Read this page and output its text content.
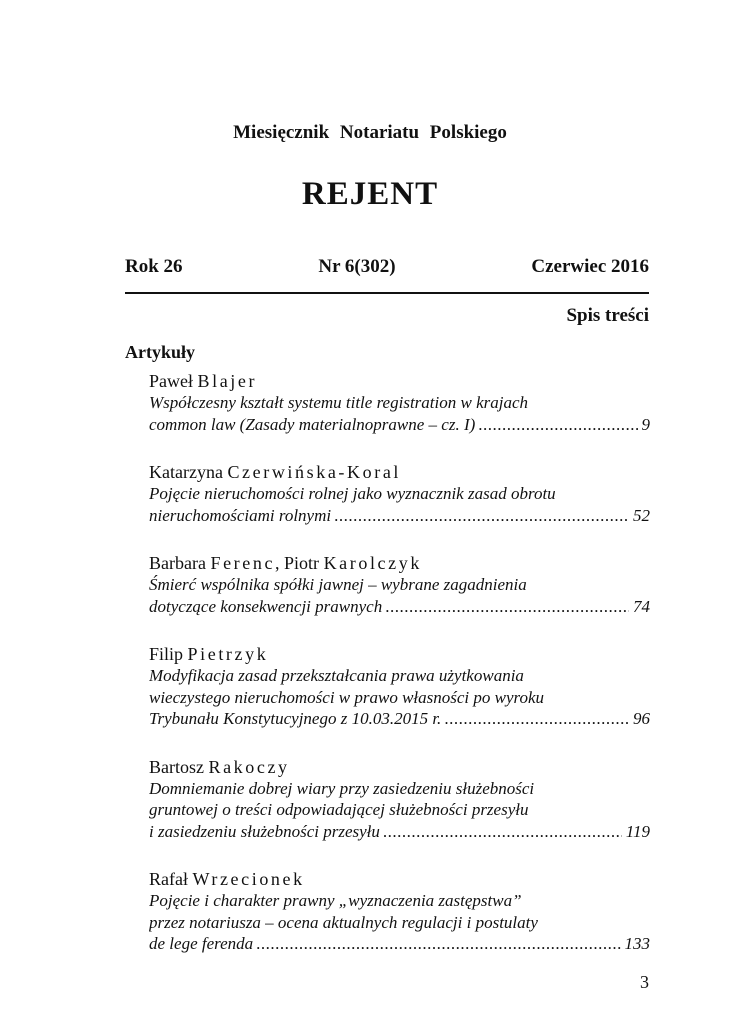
Miesięcznik Notariatu Polskiego
REJENT
Rok 26	Nr 6(302)	Czerwiec 2016
Spis treści
Artykuły
Paweł Blajer
Współczesny kształt systemu title registration w krajach
common law (Zasady materialnoprawne – cz. I) .....	9
Katarzyna Czerwińska-Koral
Pojęcie nieruchomości rolnej jako wyznacznik zasad obrotu
nieruchomościami rolnymi .....	52
Barbara Ferenc, Piotr Karolczyk
Śmierć wspólnika spółki jawnej – wybrane zagadnienia
dotyczące konsekwencji prawnych .....	74
Filip Pietrzyk
Modyfikacja zasad przekształcania prawa użytkowania
wieczystego nieruchomości w prawo własności po wyroku
Trybunału Konstytucyjnego z 10.03.2015 r. .....	96
Bartosz Rakoczy
Domniemanie dobrej wiary przy zasiedzeniu służebności
gruntowej o treści odpowiadającej służebności przesyłu
i zasiedzeniu służebności przesyłu .....	119
Rafał Wrzecionek
Pojęcie i charakter prawny „wyznaczenia zastępstwa”
przez notariusza – ocena aktualnych regulacji i postulaty
de lege ferenda .....	133
3
